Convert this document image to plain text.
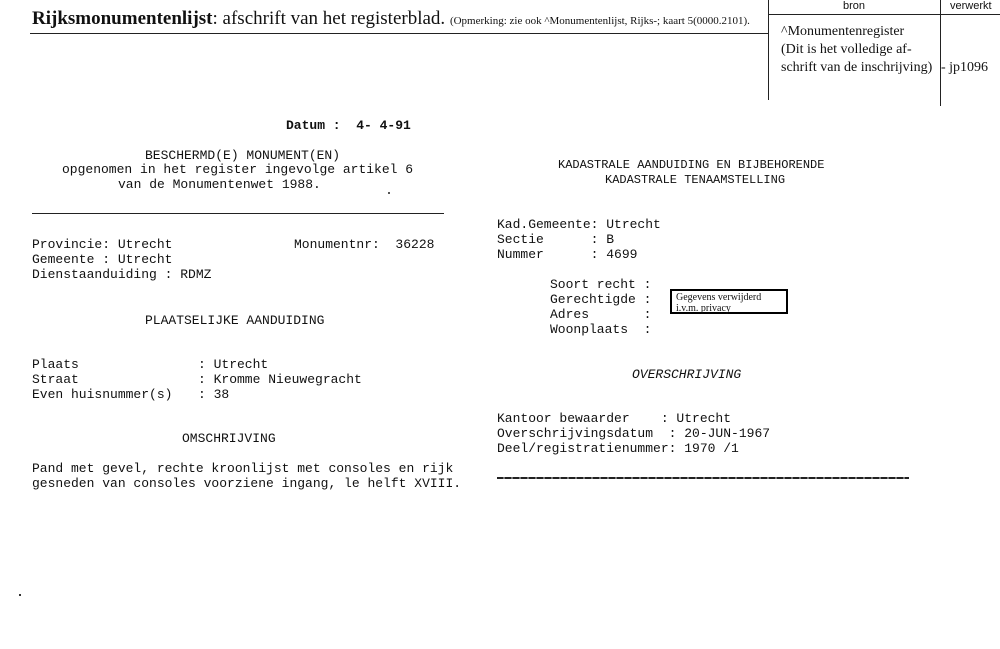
Rijksmonumentenlijst: afschrift van het registerblad. (Opmerking: zie ook ^Monumentenlijst, Rijks-; kaart 5(0000.2101).
bron	verwerkt
^Monumentenregister
(Dit is het volledige af-
schrift van de inschrijving) - jp1096
Datum :  4- 4-91
BESCHERMD(E) MONUMENT(EN)
opgenomen in het register ingevolge artikel 6
van de Monumentenwet 1988.
Provincie: Utrecht	Monumentnr:  36228
Gemeente : Utrecht
Dienstaanduiding : RDMZ
PLAATSELIJKE AANDUIDING
Plaats	: Utrecht
Straat	: Kromme Nieuwegracht
Even huisnummer(s) : 38
OMSCHRIJVING
Pand met gevel, rechte kroonlijst met consoles en rijk
gesneden van consoles voorziene ingang, le helft XVIII.
KADASTRALE AANDUIDING EN BIJBEHORENDE
KADASTRALE TENAAMSTELLING
Kad.Gemeente: Utrecht
Sectie      : B
Nummer      : 4699
Soort recht :
Gerechtigde :
Adres       :
Woonplaats  :
Gegevens verwijderd i.v.m. privacy
OVERSCHRIJVING
Kantoor bewaarder    : Utrecht
Overschrijvingsdatum  : 20-JUN-1967
Deel/registratienummer: 1970 /1
